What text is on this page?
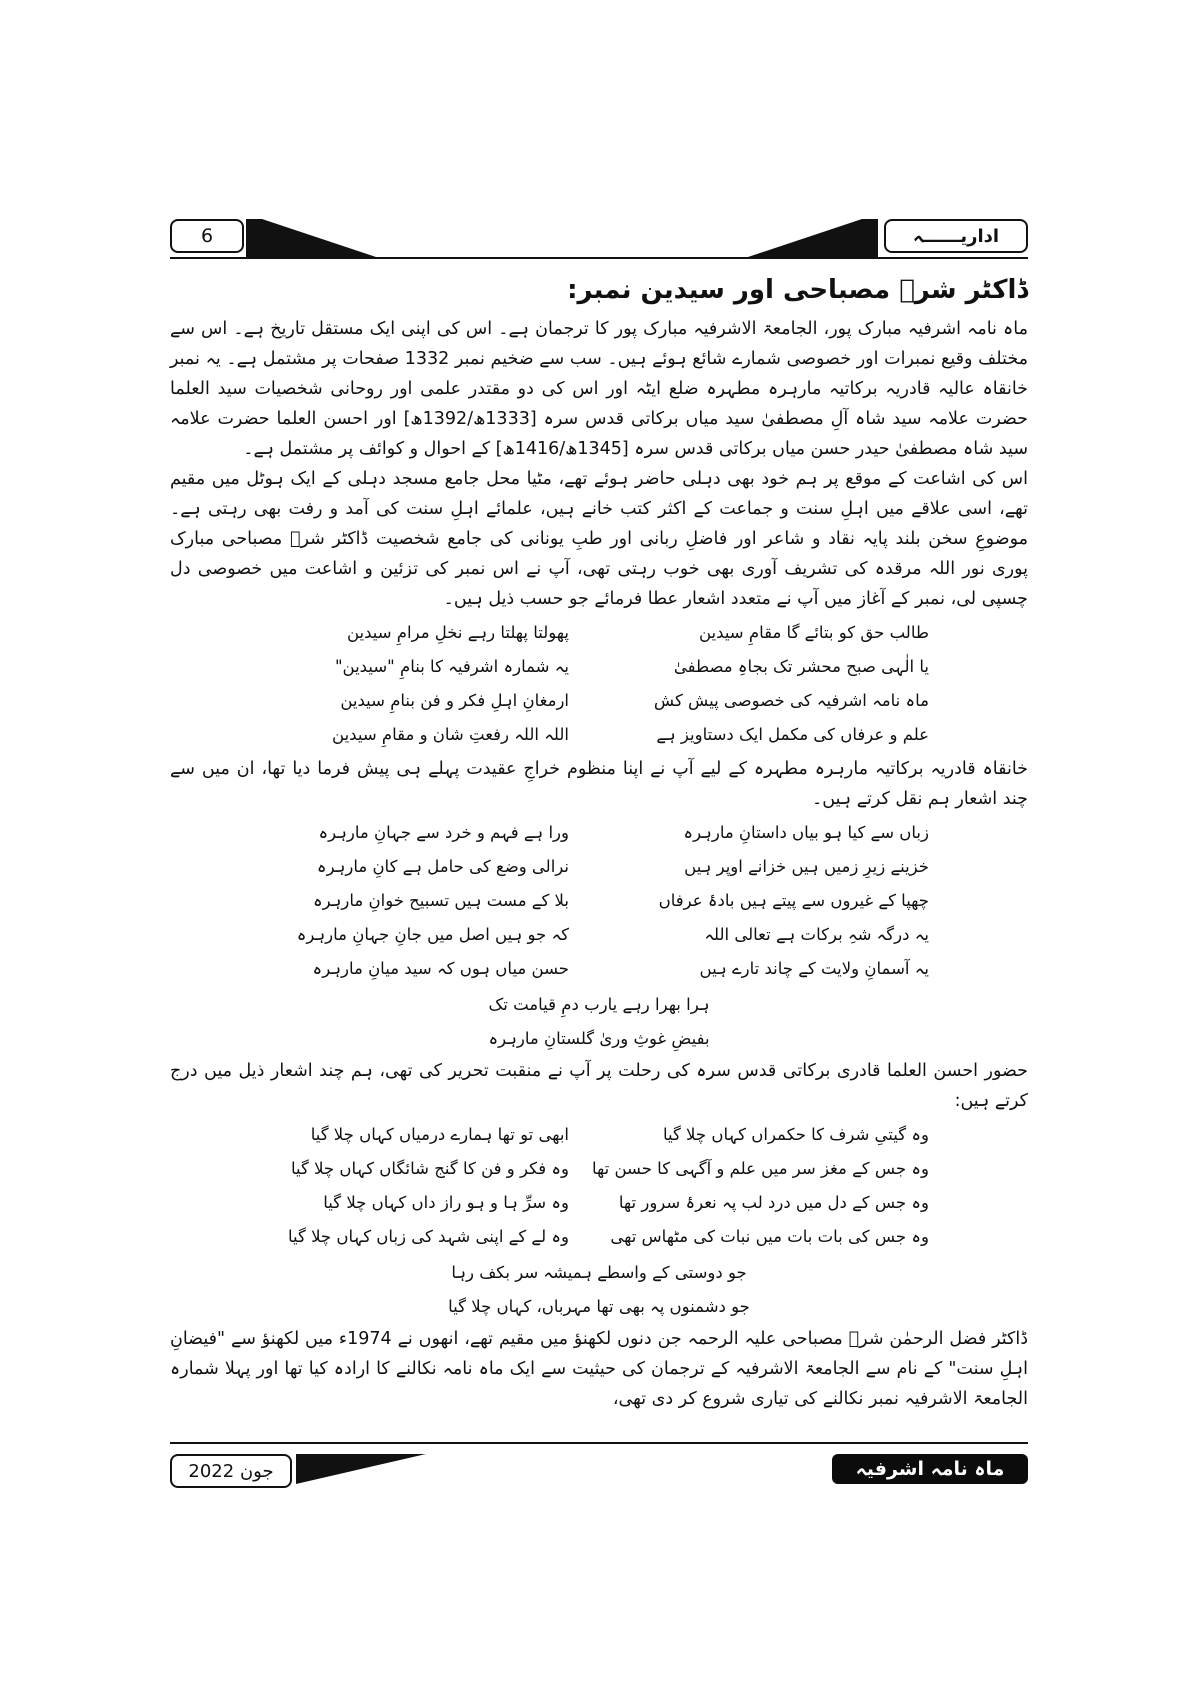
6	اداریــــــہ
ڈاکٹر شرؔ مصباحی اور سیدین نمبر:

ماہ نامہ اشرفیہ مبارک پور، الجامعۃ الاشرفیہ مبارک پور کا ترجمان ہے۔ اس کی اپنی ایک مستقل تاریخ ہے۔ اس سے مختلف وقیع نمبرات اور خصوصی شمارے شائع ہوئے ہیں۔ سب سے ضخیم نمبر 1332 صفحات پر مشتمل ہے۔ یہ نمبر خانقاہ عالیہ قادریہ برکاتیہ مارہرہ مطہرہ ضلع ایٹہ اور اس کی دو مقتدر علمی اور روحانی شخصیات سید العلما حضرت علامہ سید شاہ آلِ مصطفیٰ سید میاں برکاتی قدس سرہ [1333ھ/1392ھ] اور احسن العلما حضرت علامہ سید شاہ مصطفیٰ حیدر حسن میاں برکاتی قدس سرہ [1345ھ/1416ھ] کے احوال و کوائف پر مشتمل ہے۔

اس کی اشاعت کے موقع پر ہم خود بھی دہلی حاضر ہوئے تھے، مٹیا محل جامع مسجد دہلی کے ایک ہوٹل میں مقیم تھے، اسی علاقے میں اہلِ سنت و جماعت کے اکثر کتب خانے ہیں، علمائے اہلِ سنت کی آمد و رفت بھی رہتی ہے۔ موضوعِ سخن بلند پایہ نقاد و شاعر اور فاضلِ ربانی اور طبِ یونانی کی جامع شخصیت ڈاکٹر شرؔ مصباحی مبارک پوری نور اللہ مرقدہ کی تشریف آوری بھی خوب رہتی تھی، آپ نے اس نمبر کی تزئین و اشاعت میں خصوصی دل چسپی لی، نمبر کے آغاز میں آپ نے متعدد اشعار عطا فرمائے جو حسب ذیل ہیں۔

طالب حق کو بتائے گا مقامِ سیدین
پھولتا پھلتا رہے نخلِ مرامِ سیدین
یا الٰہی صبح محشر تک بجاہِ مصطفیٰ
یہ شمارہ اشرفیہ کا بنامِ "سیدین"
ماہ نامہ اشرفیہ کی خصوصی پیش کش
ارمغانِ اہلِ فکر و فن بنامِ سیدین
علم و عرفاں کی مکمل ایک دستاویز ہے
اللہ اللہ رفعتِ شان و مقامِ سیدین

خانقاہ قادریہ برکاتیہ مارہرہ مطہرہ کے لیے آپ نے اپنا منظوم خراجِ عقیدت پہلے ہی پیش فرما دیا تھا، ان میں سے چند اشعار ہم نقل کرتے ہیں۔

زباں سے کیا ہو بیاں داستانِ مارہرہ
ورا ہے فہم و خرد سے جہانِ مارہرہ
خزینے زیرِ زمیں ہیں خزانے اوپر ہیں
نرالی وضع کی حامل ہے کانِ مارہرہ
چھپا کے غیروں سے پیتے ہیں بادۂ عرفاں
بلا کے مست ہیں تسبیح خوانِ مارہرہ
یہ درگہ شہِ برکات ہے تعالی اللہ
کہ جو ہیں اصل میں جانِ جہانِ مارہرہ
یہ آسمانِ ولایت کے چاند تارے ہیں
حسن میاں ہوں کہ سید میانِ مارہرہ
ہرا بھرا رہے یارب دمِ قیامت تک
بفیضِ غوثِ وریٰ گلستانِ مارہرہ

حضور احسن العلما قادری برکاتی قدس سرہ کی رحلت پر آپ نے منقبت تحریر کی تھی، ہم چند اشعار ذیل میں درج کرتے ہیں:

وہ گیتیِ شرف کا حکمراں کہاں چلا گیا
ابھی تو تھا ہمارے درمیاں کہاں چلا گیا
وہ جس کے مغز سر میں علم و آگہی کا حسن تھا
وہ فکر و فن کا گنج شائگاں کہاں چلا گیا
وہ جس کے دل میں درد لب پہ نعرۂ سرور تھا
وہ سرِّ ہا و ہو راز داں کہاں چلا گیا
وہ جس کی بات بات میں نبات کی مٹھاس تھی
وہ لے کے اپنی شہد کی زباں کہاں چلا گیا
جو دوستی کے واسطے ہمیشہ سر بکف رہا
جو دشمنوں پہ بھی تھا مہرباں، کہاں چلا گیا

ڈاکٹر فضل الرحمٰن شرؔ مصباحی علیہ الرحمہ جن دنوں لکھنؤ میں مقیم تھے، انھوں نے 1974ء میں لکھنؤ سے "فیضانِ اہلِ سنت" کے نام سے الجامعۃ الاشرفیہ کے ترجمان کی حیثیت سے ایک ماہ نامہ نکالنے کا ارادہ کیا تھا اور پہلا شمارہ الجامعۃ الاشرفیہ نمبر نکالنے کی تیاری شروع کر دی تھی،

جون 2022	ماہ نامہ اشرفیہ
